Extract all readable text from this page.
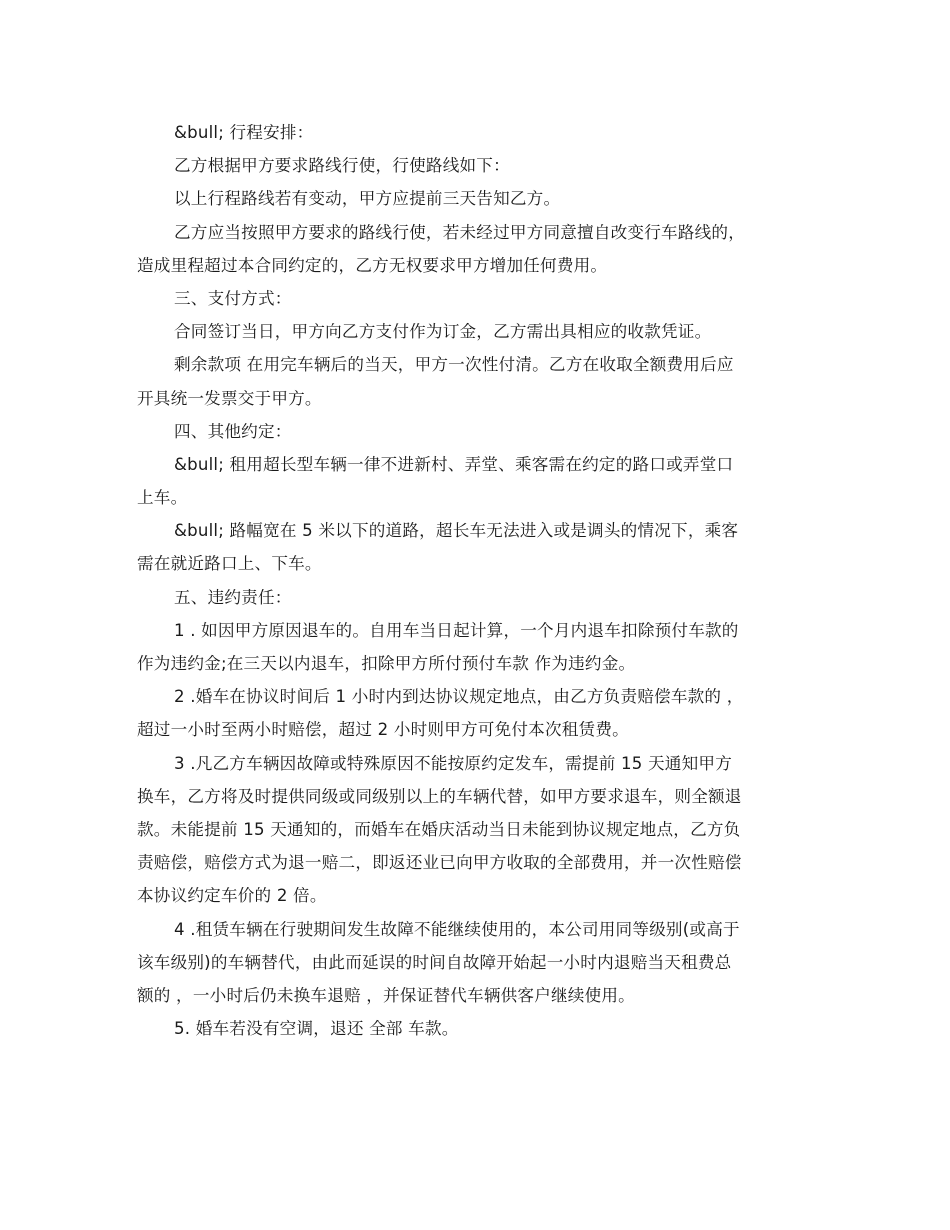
&bull; 行程安排：

乙方根据甲方要求路线行使，行使路线如下：

以上行程路线若有变动，甲方应提前三天告知乙方。

乙方应当按照甲方要求的路线行使，若未经过甲方同意擅自改变行车路线的，

造成里程超过本合同约定的，乙方无权要求甲方增加任何费用。

三、支付方式：

合同签订当日，甲方向乙方支付作为订金，乙方需出具相应的收款凭证。

剩余款项 在用完车辆后的当天，甲方一次性付清。乙方在收取全额费用后应

开具统一发票交于甲方。

四、其他约定：

&bull; 租用超长型车辆一律不进新村、弄堂、乘客需在约定的路口或弄堂口

上车。

&bull; 路幅宽在 5 米以下的道路，超长车无法进入或是调头的情况下，乘客

需在就近路口上、下车。

五、违约责任：

1 . 如因甲方原因退车的。自用车当日起计算，一个月内退车扣除预付车款的

作为违约金;在三天以内退车，扣除甲方所付预付车款 作为违约金。

2 .婚车在协议时间后 1 小时内到达协议规定地点，由乙方负责赔偿车款的 ，

超过一小时至两小时赔偿，超过 2 小时则甲方可免付本次租赁费。

3 .凡乙方车辆因故障或特殊原因不能按原约定发车，需提前 15 天通知甲方

换车，乙方将及时提供同级或同级别以上的车辆代替，如甲方要求退车，则全额退

款。未能提前 15 天通知的，而婚车在婚庆活动当日未能到协议规定地点，乙方负

责赔偿，赔偿方式为退一赔二，即返还业已向甲方收取的全部费用，并一次性赔偿

本协议约定车价的 2 倍。

4 .租赁车辆在行驶期间发生故障不能继续使用的，本公司用同等级别(或高于

该车级别)的车辆替代，由此而延误的时间自故障开始起一小时内退赔当天租费总

额的 ，一小时后仍未换车退赔 ，并保证替代车辆供客户继续使用。

5. 婚车若没有空调，退还 全部 车款。
